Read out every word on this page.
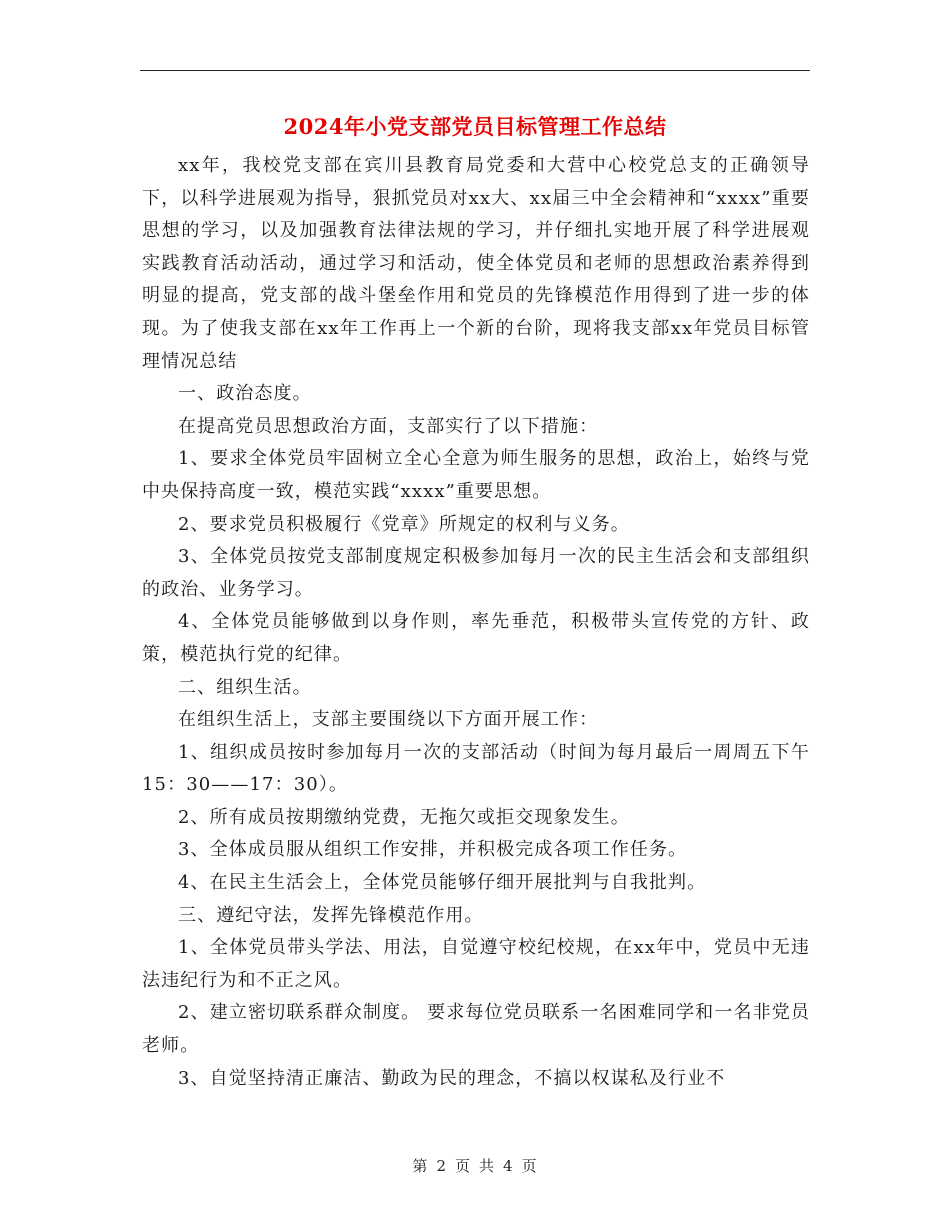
2024年小党支部党员目标管理工作总结

xx年，我校党支部在宾川县教育局党委和大营中心校党总支的正确领导下，以科学进展观为指导，狠抓党员对xx大、xx届三中全会精神和“xxxx”重要思想的学习，以及加强教育法律法规的学习，并仔细扎实地开展了科学进展观实践教育活动活动，通过学习和活动，使全体党员和老师的思想政治素养得到明显的提高，党支部的战斗堡垒作用和党员的先锋模范作用得到了进一步的体现。为了使我支部在xx年工作再上一个新的台阶，现将我支部xx年党员目标管理情况总结

一、政治态度。

在提高党员思想政治方面，支部实行了以下措施：

1、要求全体党员牢固树立全心全意为师生服务的思想，政治上，始终与党中央保持高度一致，模范实践“xxxx”重要思想。

2、要求党员积极履行《党章》所规定的权利与义务。

3、全体党员按党支部制度规定积极参加每月一次的民主生活会和支部组织的政治、业务学习。

4、全体党员能够做到以身作则，率先垂范，积极带头宣传党的方针、政策，模范执行党的纪律。

二、组织生活。

在组织生活上，支部主要围绕以下方面开展工作：

1、组织成员按时参加每月一次的支部活动（时间为每月最后一周周五下午15：30——17：30）。

2、所有成员按期缴纳党费，无拖欠或拒交现象发生。

3、全体成员服从组织工作安排，并积极完成各项工作任务。

4、在民主生活会上，全体党员能够仔细开展批判与自我批判。

三、遵纪守法，发挥先锋模范作用。

1、全体党员带头学法、用法，自觉遵守校纪校规，在xx年中，党员中无违法违纪行为和不正之风。

2、建立密切联系群众制度。 要求每位党员联系一名困难同学和一名非党员老师。

3、自觉坚持清正廉洁、勤政为民的理念，不搞以权谋私及行业不

第 2 页 共 4 页
